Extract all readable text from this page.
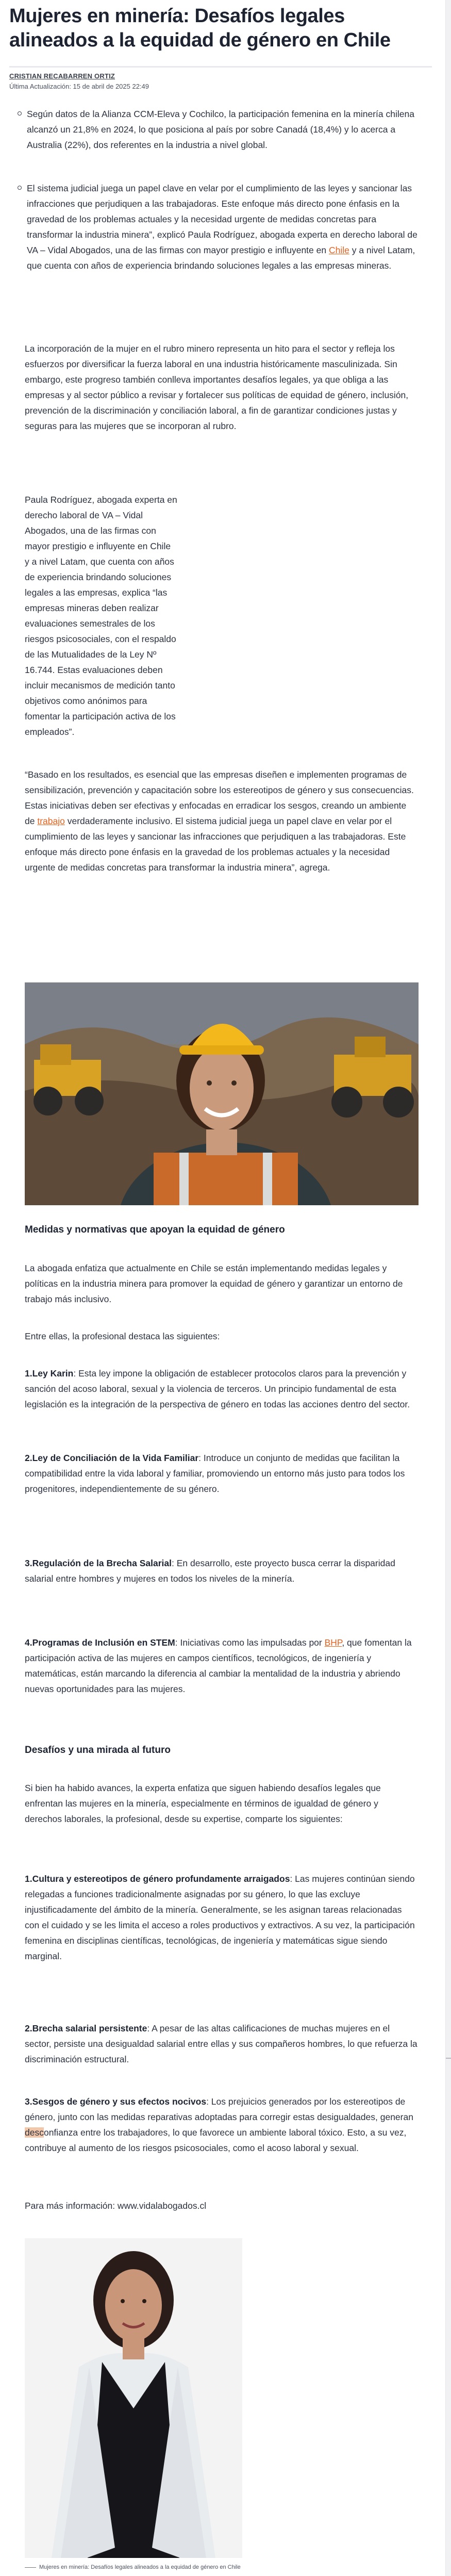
Mujeres en minería: Desafíos legales alineados a la equidad de género en Chile
CRISTIAN RECABARREN ORTIZ
Última Actualización: 15 de abril de 2025 22:49
Según datos de la Alianza CCM-Eleva y Cochilco, la participación femenina en la minería chilena alcanzó un 21,8% en 2024, lo que posiciona al país por sobre Canadá (18,4%) y lo acerca a Australia (22%), dos referentes en la industria a nivel global.
El sistema judicial juega un papel clave en velar por el cumplimiento de las leyes y sancionar las infracciones que perjudiquen a las trabajadoras. Este enfoque más directo pone énfasis en la gravedad de los problemas actuales y la necesidad urgente de medidas concretas para transformar la industria minera”, explicó Paula Rodríguez, abogada experta en derecho laboral de VA – Vidal Abogados, una de las firmas con mayor prestigio e influyente en Chile y a nivel Latam, que cuenta con años de experiencia brindando soluciones legales a las empresas mineras.

La incorporación de la mujer en el rubro minero representa un hito para el sector y refleja los esfuerzos por diversificar la fuerza laboral en una industria históricamente masculinizada. Sin embargo, este progreso también conlleva importantes desafíos legales, ya que obliga a las empresas y al sector público a revisar y fortalecer sus políticas de equidad de género, inclusión, prevención de la discriminación y conciliación laboral, a fin de garantizar condiciones justas y seguras para las mujeres que se incorporan al rubro.

Paula Rodríguez, abogada experta en derecho laboral de VA – Vidal Abogados, una de las firmas con mayor prestigio e influyente en Chile y a nivel Latam, que cuenta con años de experiencia brindando soluciones legales a las empresas, explica “las empresas mineras deben realizar evaluaciones semestrales de los riesgos psicosociales, con el respaldo de las Mutualidades de la Ley Nº 16.744. Estas evaluaciones deben incluir mecanismos de medición tanto objetivos como anónimos para fomentar la participación activa de los empleados”.

“Basado en los resultados, es esencial que las empresas diseñen e implementen programas de sensibilización, prevención y capacitación sobre los estereotipos de género y sus consecuencias. Estas iniciativas deben ser efectivas y enfocadas en erradicar los sesgos, creando un ambiente de trabajo verdaderamente inclusivo. El sistema judicial juega un papel clave en velar por el cumplimiento de las leyes y sancionar las infracciones que perjudiquen a las trabajadoras. Este enfoque más directo pone énfasis en la gravedad de los problemas actuales y la necesidad urgente de medidas concretas para transformar la industria minera”, agrega.

Medidas y normativas que apoyan la equidad de género

La abogada enfatiza que actualmente en Chile se están implementando medidas legales y políticas en la industria minera para promover la equidad de género y garantizar un entorno de trabajo más inclusivo.

Entre ellas, la profesional destaca las siguientes:

1.Ley Karin: Esta ley impone la obligación de establecer protocolos claros para la prevención y sanción del acoso laboral, sexual y la violencia de terceros. Un principio fundamental de esta legislación es la integración de la perspectiva de género en todas las acciones dentro del sector.
2.Ley de Conciliación de la Vida Familiar: Introduce un conjunto de medidas que facilitan la compatibilidad entre la vida laboral y familiar, promoviendo un entorno más justo para todos los progenitores, independientemente de su género.
3.Regulación de la Brecha Salarial: En desarrollo, este proyecto busca cerrar la disparidad salarial entre hombres y mujeres en todos los niveles de la minería.
4.Programas de Inclusión en STEM: Iniciativas como las impulsadas por BHP, que fomentan la participación activa de las mujeres en campos científicos, tecnológicos, de ingeniería y matemáticas, están marcando la diferencia al cambiar la mentalidad de la industria y abriendo nuevas oportunidades para las mujeres.
Desafíos y una mirada al futuro

Si bien ha habido avances, la experta enfatiza que siguen habiendo desafíos legales que enfrentan las mujeres en la minería, especialmente en términos de igualdad de género y derechos laborales, la profesional, desde su expertise, comparte los siguientes:

1.Cultura y estereotipos de género profundamente arraigados: Las mujeres continúan siendo relegadas a funciones tradicionalmente asignadas por su género, lo que las excluye injustificadamente del ámbito de la minería. Generalmente, se les asignan tareas relacionadas con el cuidado y se les limita el acceso a roles productivos y extractivos. A su vez, la participación femenina en disciplinas científicas, tecnológicas, de ingeniería y matemáticas sigue siendo marginal.
2.Brecha salarial persistente: A pesar de las altas calificaciones de muchas mujeres en el sector, persiste una desigualdad salarial entre ellas y sus compañeros hombres, lo que refuerza la discriminación estructural.
3.Sesgos de género y sus efectos nocivos: Los prejuicios generados por los estereotipos de género, junto con las medidas reparativas adoptadas para corregir estas desigualdades, generan desconfianza entre los trabajadores, lo que favorece un ambiente laboral tóxico. Esto, a su vez, contribuye al aumento de los riesgos psicosociales, como el acoso laboral y sexual.

Para más información: www.vidalabogados.cl

Mujeres en minería: Desafíos legales alineados a la equidad de género en Chile
